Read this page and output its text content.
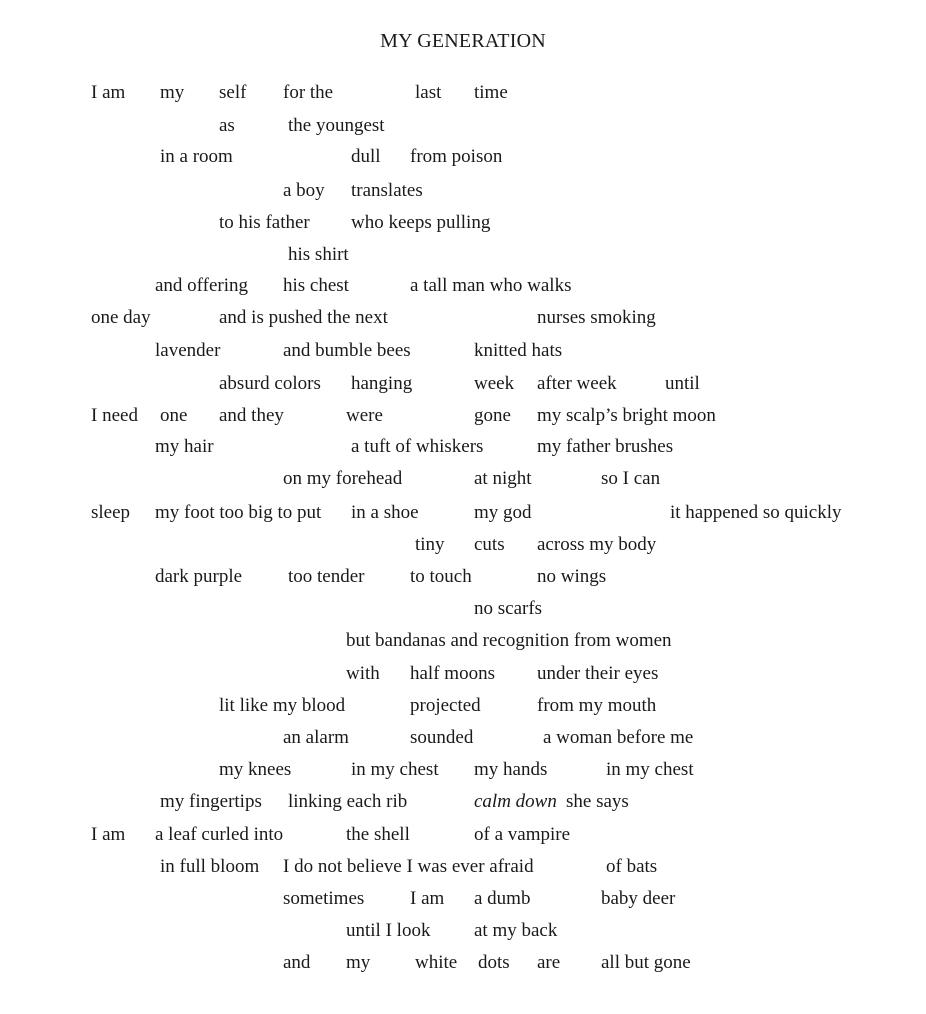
MY GENERATION
I am my self for the	last time
as	the youngest
in a room	dull from poison
a boy translates
to his father who keeps pulling
his shirt
and offering his chest	a tall man who walks
one day	and is pushed the next	nurses smoking
lavender	and bumble bees	knitted hats
absurd colors hanging	week after week	until
I need one and they	were	gone my scalp’s bright moon
my hair	a tuft of whiskers	my father brushes
on my forehead	at night	so I can
sleep my foot too big to put in a shoe	my god	it happened so quickly
tiny cuts across my body
dark purple too tender to touch	no wings
no scarfs
but bandanas and recognition from women
with half moons under their eyes
lit like my blood	projected	from my mouth
an alarm	sounded	a woman before me
my knees	in my chest my hands	in my chest
my fingertips linking each rib	calm down she says
I am a leaf curled into	the shell	of a vampire
in full bloom I do not believe I was ever afraid	of bats
sometimes I am a dumb	baby deer
until I look at my back
and my white dots are all but gone
